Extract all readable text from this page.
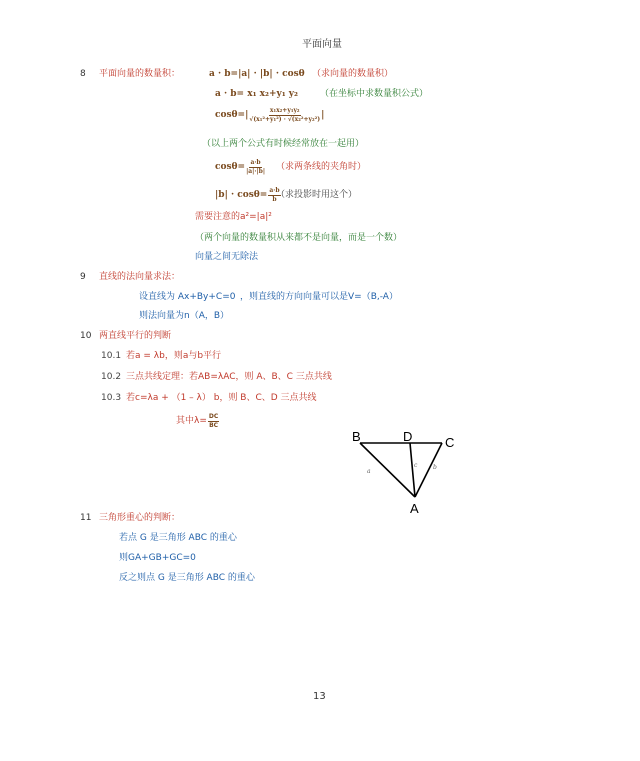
平面向量
8 平面向量的数量积：	a · b=|a| · |b| · cosθ （求向量的数量积）
a · b= x₁ x₂+y₁ y₂ （在坐标中求数量积公式）
$\cos\theta=| \frac{\text{x₁x₂+y₁y₂}}{\text{√(x₁²+y₁²) · √(x₂²+y₂²)}}$ |
（以上两个公式有时候经常放在一起用）
$\cos\theta= \frac{a\cdot b}{|a|\cdot|b|}$ （求两条线的夹角时）
$|b| \cdot \cos\theta= \frac{a\cdot b}{b}$
（求投影时用这个）
需要注意的a²=|a|²
（两个向量的数量积从来都不是向量，而是一个数）
向量之间无除法
9 直线的法向量求法：
设直线为 Ax+By+C=0 ，则直线的方向向量可以是V=（B,-A）
则法向量为n（A，B）
10 两直线平行的判断
10.1 若a = λb，则a与b平行
10.2 三点共线定理：若AB=λAC，则 A、B、C 三点共线
10.3 若c=λa + （1 – λ） b，则 B、C、D 三点共线
其中$\lambda= \frac{DC}{BC}$
B	D	C
A
a
c	b
11 三角形重心的判断：
若点 G 是三角形 ABC 的重心
则GA+GB+GC=0
反之则点 G 是三角形 ABC 的重心
13
